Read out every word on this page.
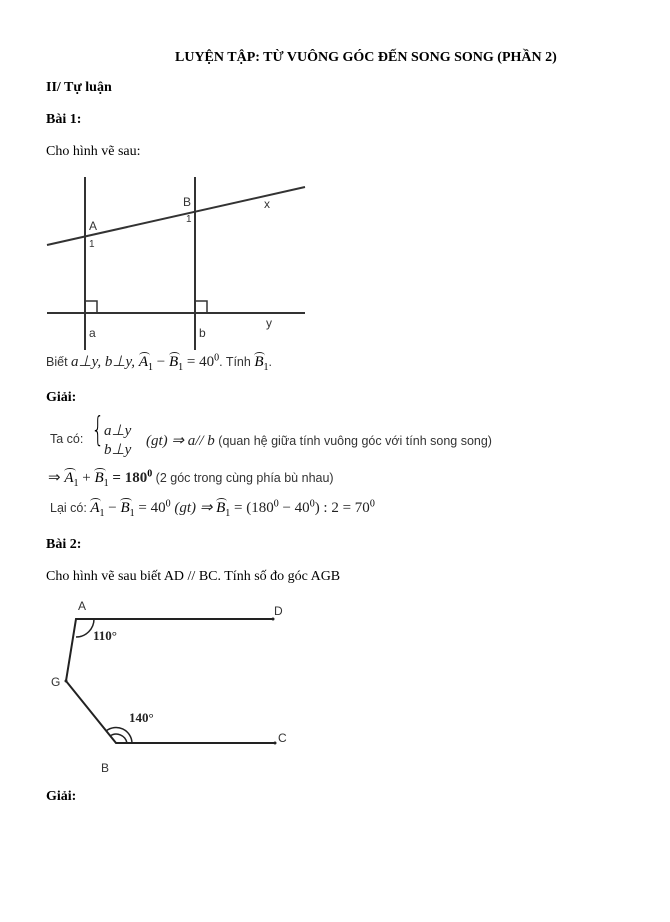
LUYỆN TẬP: TỪ VUÔNG GÓC ĐẾN SONG SONG (PHẦN 2)
II/ Tự luận
Bài 1:
Cho hình vẽ sau:
A
1
B
1
x
y
a	b
A	D
G
C
B
110°
140°
Biết a⊥y, b⊥y, $A_1 - B_1 = 40^0$. Tính $B_1$.
Giải:
Ta có: { a⊥y
b⊥y
(gt) ⇒ a// b (quan hệ giữa tính vuông góc với tính song song)
⇒ $A_1 + B_1 = 180^0$ (2 góc trong cùng phía bù nhau)
Lại có: $A_1 - B_1 = 40^0$ (gt) ⇒ $B_1 = (180^0 - 40^0)$ : $2 = 70^0$
Bài 2:
Cho hình vẽ sau biết AD // BC. Tính số đo góc AGB
Giải:
